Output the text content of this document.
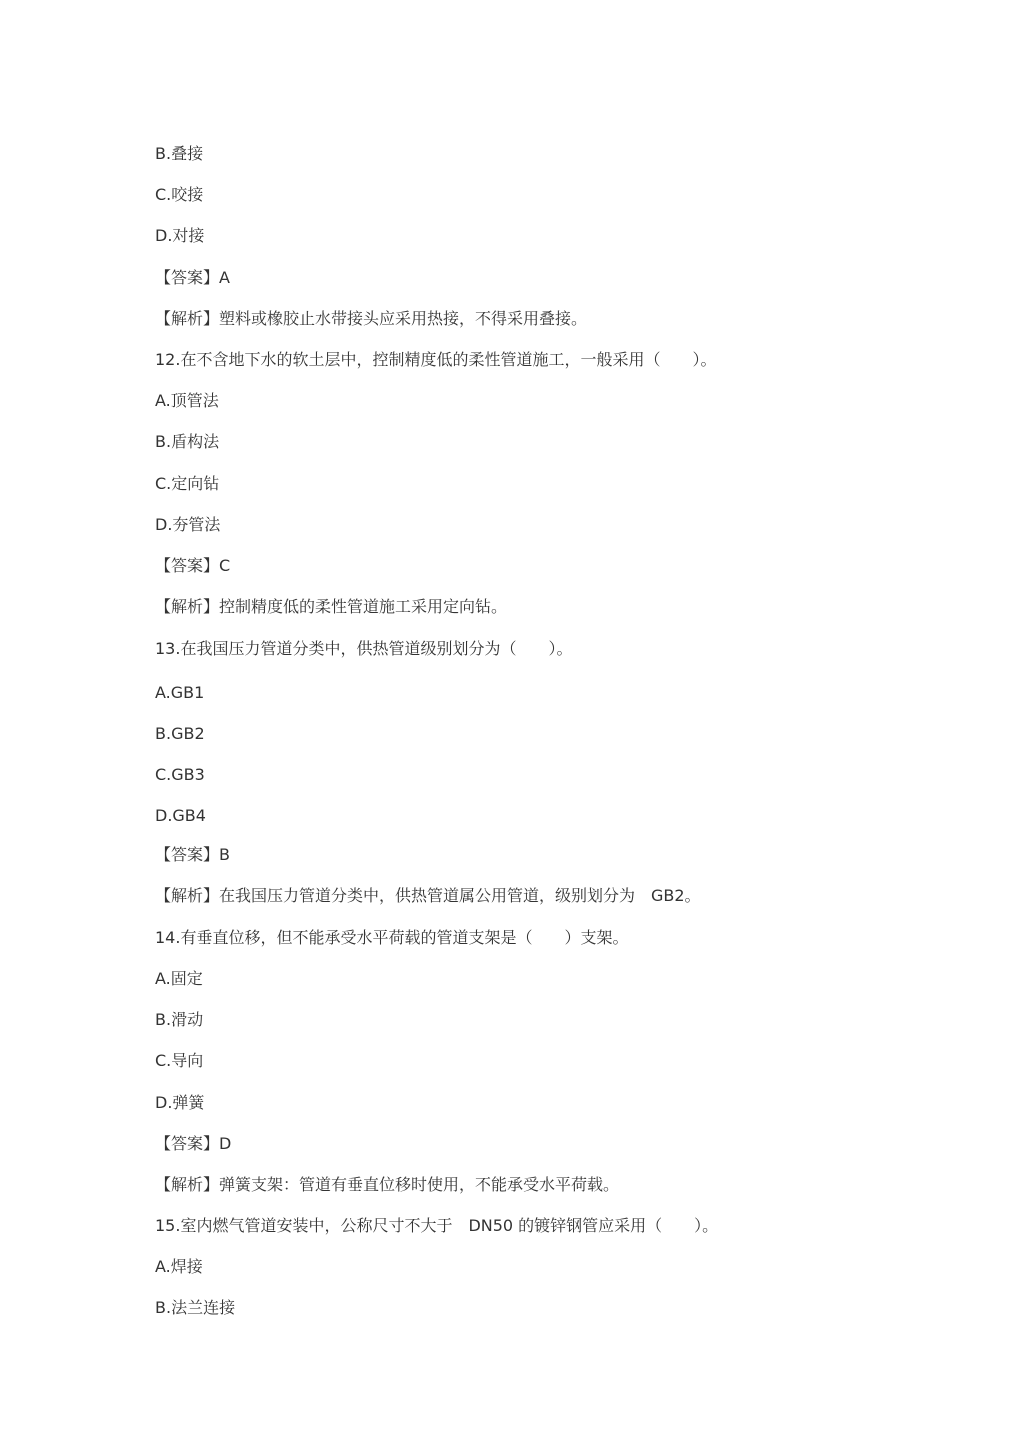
B.叠接
C.咬接
D.对接
【答案】A
【解析】塑料或橡胶止水带接头应采用热接，不得采用叠接。
12.在不含地下水的软土层中，控制精度低的柔性管道施工，一般采用（　　）。
A.顶管法
B.盾构法
C.定向钻
D.夯管法
【答案】C
【解析】控制精度低的柔性管道施工采用定向钻。
13.在我国压力管道分类中，供热管道级别划分为（　　）。
A.GB1
B.GB2
C.GB3
D.GB4
【答案】B
【解析】在我国压力管道分类中，供热管道属公用管道，级别划分为　GB2。
14.有垂直位移，但不能承受水平荷载的管道支架是（　　）支架。
A.固定
B.滑动
C.导向
D.弹簧
【答案】D
【解析】弹簧支架：管道有垂直位移时使用，不能承受水平荷载。
15.室内燃气管道安装中，公称尺寸不大于　DN50 的镀锌钢管应采用（　　）。
A.焊接
B.法兰连接
